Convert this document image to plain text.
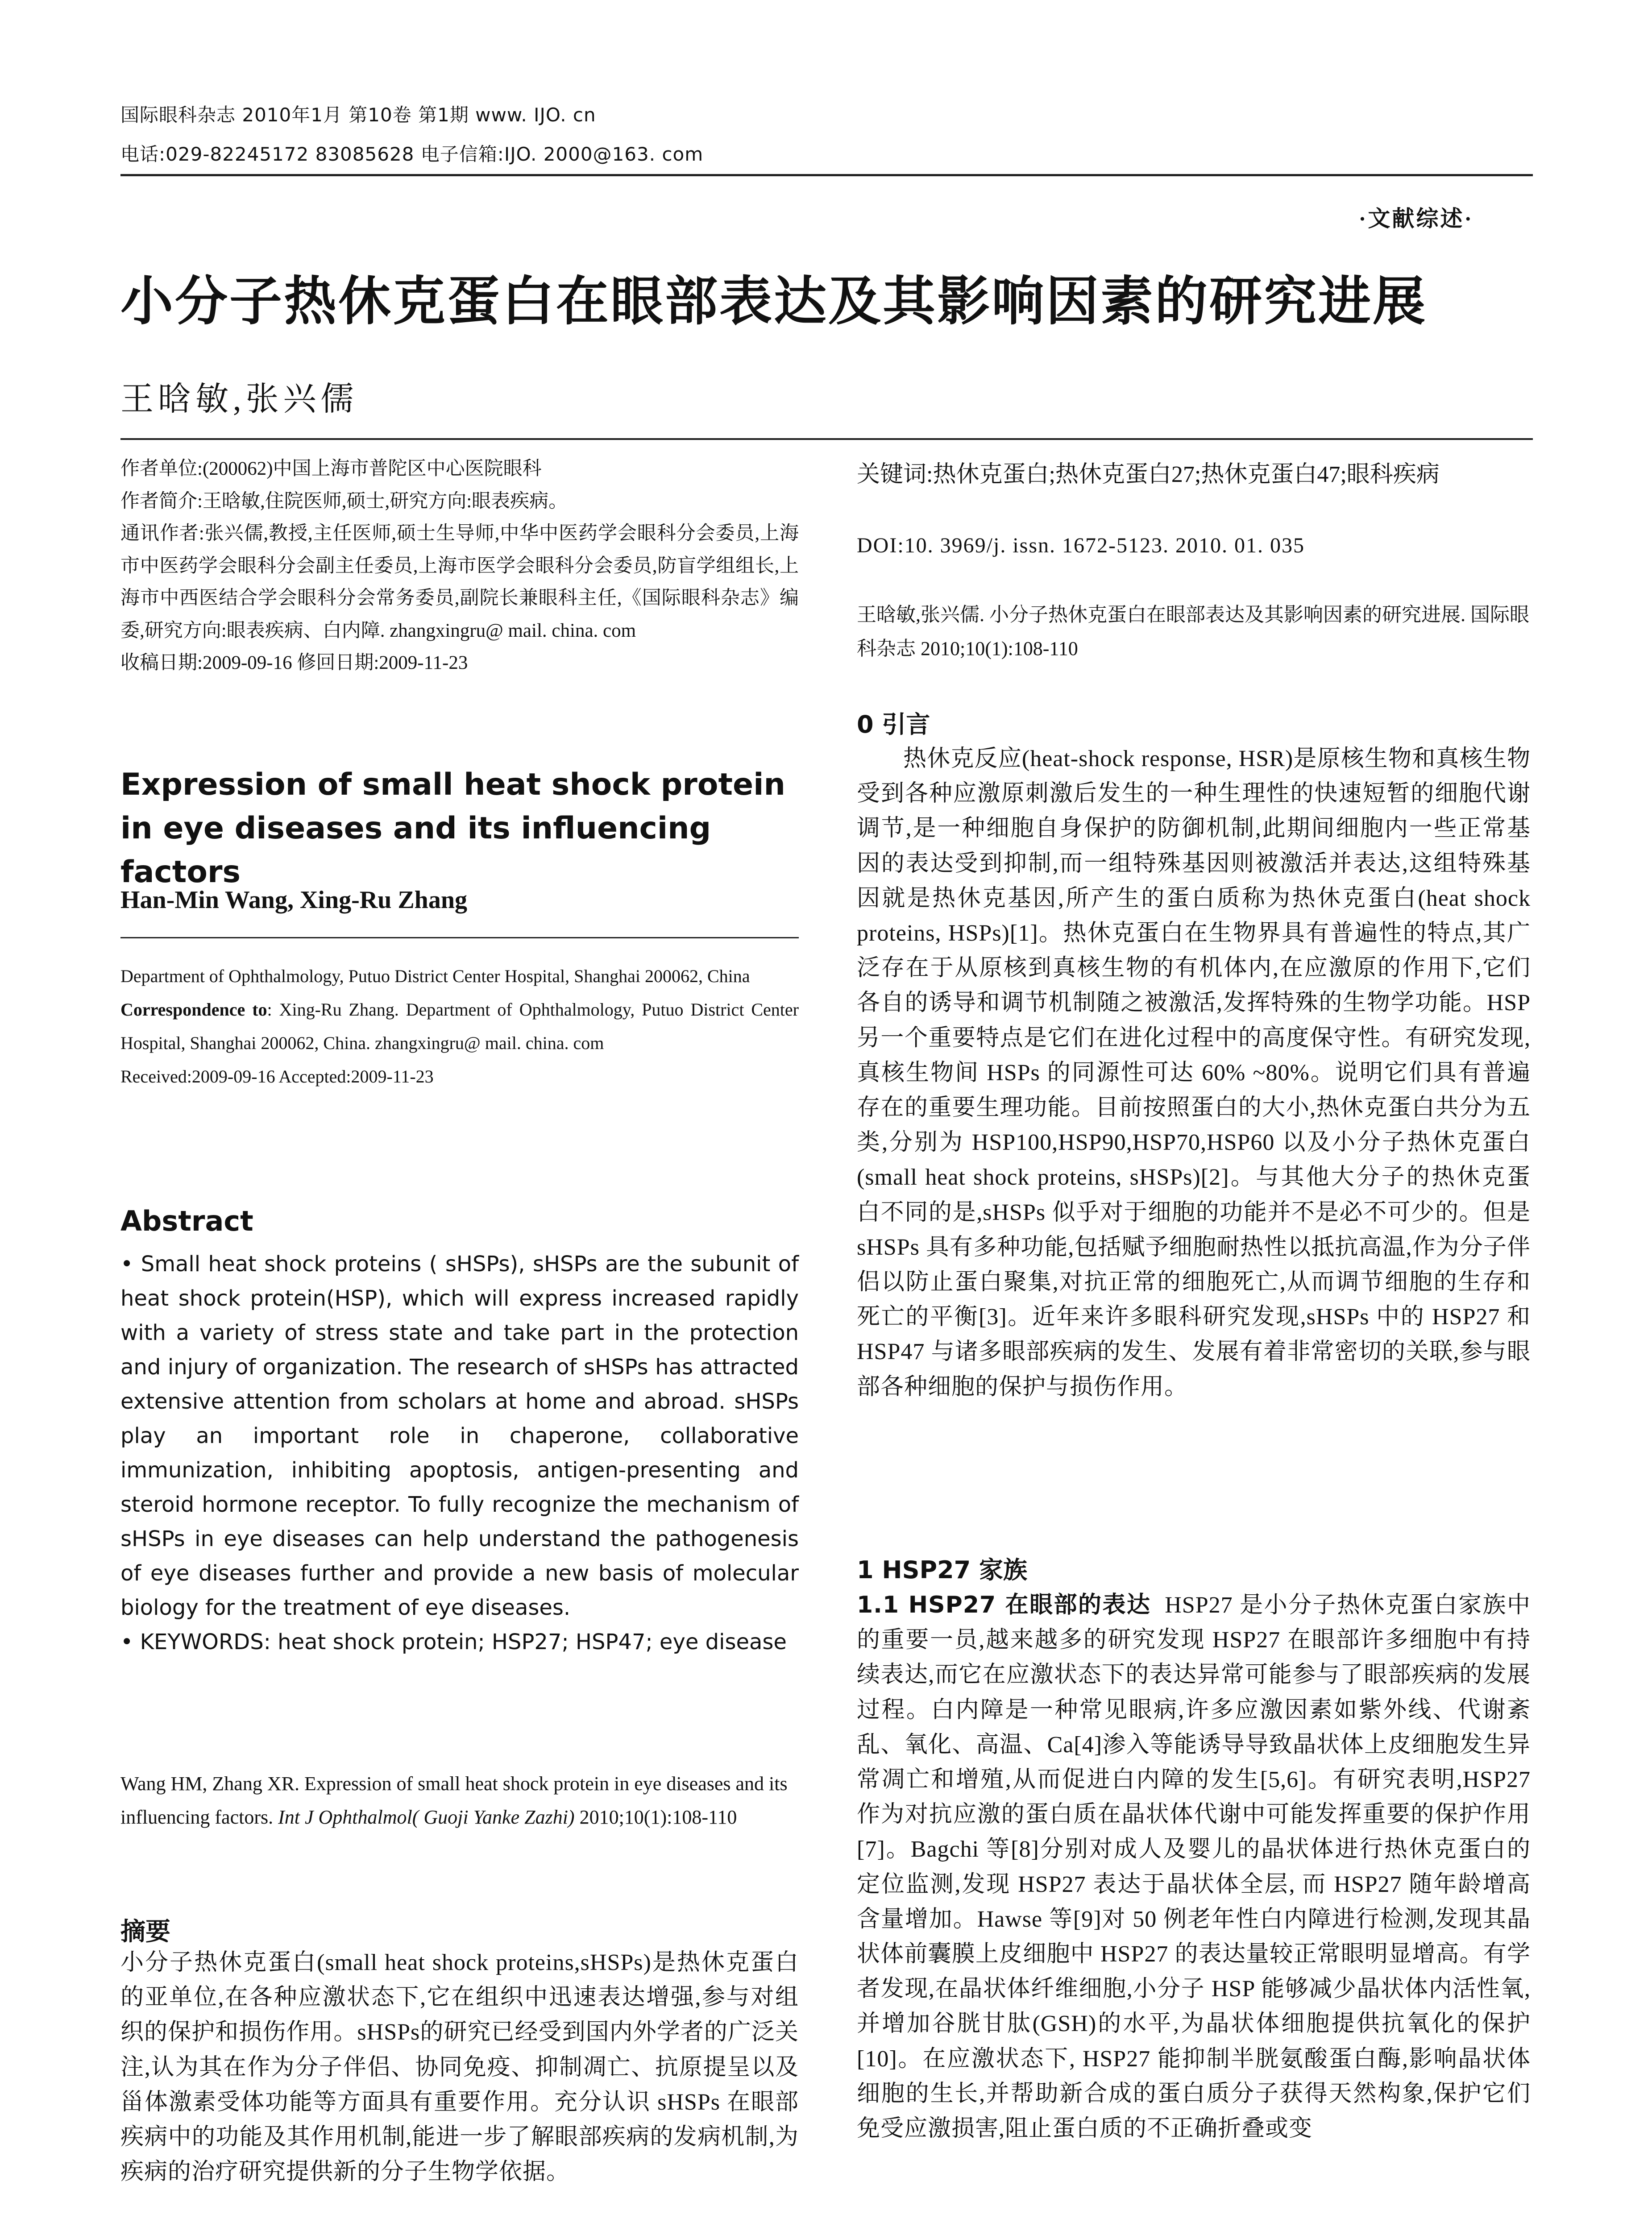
国际眼科杂志 2010年1月 第10卷 第1期 www. IJO. cn
电话:029-82245172 83085628 电子信箱:IJO. 2000@163. com
·文献综述·
小分子热休克蛋白在眼部表达及其影响因素的研究进展
王晗敏,张兴儒

作者单位:(200062)中国上海市普陀区中心医院眼科

作者简介:王晗敏,住院医师,硕士,研究方向:眼表疾病。

通讯作者:张兴儒,教授,主任医师,硕士生导师,中华中医药学会眼科分会委员,上海市中医药学会眼科分会副主任委员,上海市医学会眼科分会委员,防盲学组组长,上海市中西医结合学会眼科分会常务委员,副院长兼眼科主任,《国际眼科杂志》编委,研究方向:眼表疾病、白内障. zhangxingru@ mail. china. com

收稿日期:2009-09-16 修回日期:2009-11-23

Expression of small heat shock protein in eye diseases and its influencing factors
Han-Min Wang, Xing-Ru Zhang

Department of Ophthalmology, Putuo District Center Hospital, Shanghai 200062, China

Correspondence to: Xing-Ru Zhang. Department of Ophthalmology, Putuo District Center Hospital, Shanghai 200062, China. zhangxingru@ mail. china. com

Received:2009-09-16 Accepted:2009-11-23

Abstract

• Small heat shock proteins ( sHSPs), sHSPs are the subunit of heat shock protein(HSP), which will express increased rapidly with a variety of stress state and take part in the protection and injury of organization. The research of sHSPs has attracted extensive attention from scholars at home and abroad. sHSPs play an important role in chaperone, collaborative immunization, inhibiting apoptosis, antigen-presenting and steroid hormone receptor. To fully recognize the mechanism of sHSPs in eye diseases can help understand the pathogenesis of eye diseases further and provide a new basis of molecular biology for the treatment of eye diseases.

• KEYWORDS: heat shock protein; HSP27; HSP47; eye disease

Wang HM, Zhang XR. Expression of small heat shock protein in eye diseases and its influencing factors. Int J Ophthalmol( Guoji Yanke Zazhi) 2010;10(1):108-110

摘要
小分子热休克蛋白(small heat shock proteins,sHSPs)是热休克蛋白的亚单位,在各种应激状态下,它在组织中迅速表达增强,参与对组织的保护和损伤作用。sHSPs的研究已经受到国内外学者的广泛关注,认为其在作为分子伴侣、协同免疫、抑制凋亡、抗原提呈以及甾体激素受体功能等方面具有重要作用。充分认识 sHSPs 在眼部疾病中的功能及其作用机制,能进一步了解眼部疾病的发病机制,为疾病的治疗研究提供新的分子生物学依据。
关键词:热休克蛋白;热休克蛋白27;热休克蛋白47;眼科疾病
DOI:10. 3969/j. issn. 1672-5123. 2010. 01. 035
王晗敏,张兴儒. 小分子热休克蛋白在眼部表达及其影响因素的研究进展. 国际眼科杂志 2010;10(1):108-110
0 引言
热休克反应(heat-shock response, HSR)是原核生物和真核生物受到各种应激原刺激后发生的一种生理性的快速短暂的细胞代谢调节,是一种细胞自身保护的防御机制,此期间细胞内一些正常基因的表达受到抑制,而一组特殊基因则被激活并表达,这组特殊基因就是热休克基因,所产生的蛋白质称为热休克蛋白(heat shock proteins, HSPs)[1]。热休克蛋白在生物界具有普遍性的特点,其广泛存在于从原核到真核生物的有机体内,在应激原的作用下,它们各自的诱导和调节机制随之被激活,发挥特殊的生物学功能。HSP另一个重要特点是它们在进化过程中的高度保守性。有研究发现,真核生物间 HSPs 的同源性可达 60% ~80%。说明它们具有普遍存在的重要生理功能。目前按照蛋白的大小,热休克蛋白共分为五类,分别为 HSP100,HSP90,HSP70,HSP60 以及小分子热休克蛋白(small heat shock proteins, sHSPs)[2]。与其他大分子的热休克蛋白不同的是,sHSPs 似乎对于细胞的功能并不是必不可少的。但是 sHSPs 具有多种功能,包括赋予细胞耐热性以抵抗高温,作为分子伴侣以防止蛋白聚集,对抗正常的细胞死亡,从而调节细胞的生存和死亡的平衡[3]。近年来许多眼科研究发现,sHSPs 中的 HSP27 和 HSP47 与诸多眼部疾病的发生、发展有着非常密切的关联,参与眼部各种细胞的保护与损伤作用。
1 HSP27 家族

1.1 HSP27 在眼部的表达 HSP27 是小分子热休克蛋白家族中的重要一员,越来越多的研究发现 HSP27 在眼部许多细胞中有持续表达,而它在应激状态下的表达异常可能参与了眼部疾病的发展过程。白内障是一种常见眼病,许多应激因素如紫外线、代谢紊乱、氧化、高温、Ca[4]渗入等能诱导导致晶状体上皮细胞发生异常凋亡和增殖,从而促进白内障的发生[5,6]。有研究表明,HSP27 作为对抗应激的蛋白质在晶状体代谢中可能发挥重要的保护作用[7]。Bagchi 等[8]分别对成人及婴儿的晶状体进行热休克蛋白的定位监测,发现 HSP27 表达于晶状体全层, 而 HSP27 随年龄增高含量增加。Hawse 等[9]对 50 例老年性白内障进行检测,发现其晶状体前囊膜上皮细胞中 HSP27 的表达量较正常眼明显增高。有学者发现,在晶状体纤维细胞,小分子 HSP 能够减少晶状体内活性氧,并增加谷胱甘肽(GSH)的水平,为晶状体细胞提供抗氧化的保护[10]。在应激状态下, HSP27 能抑制半胱氨酸蛋白酶,影响晶状体细胞的生长,并帮助新合成的蛋白质分子获得天然构象,保护它们免受应激损害,阻止蛋白质的不正确折叠或变
